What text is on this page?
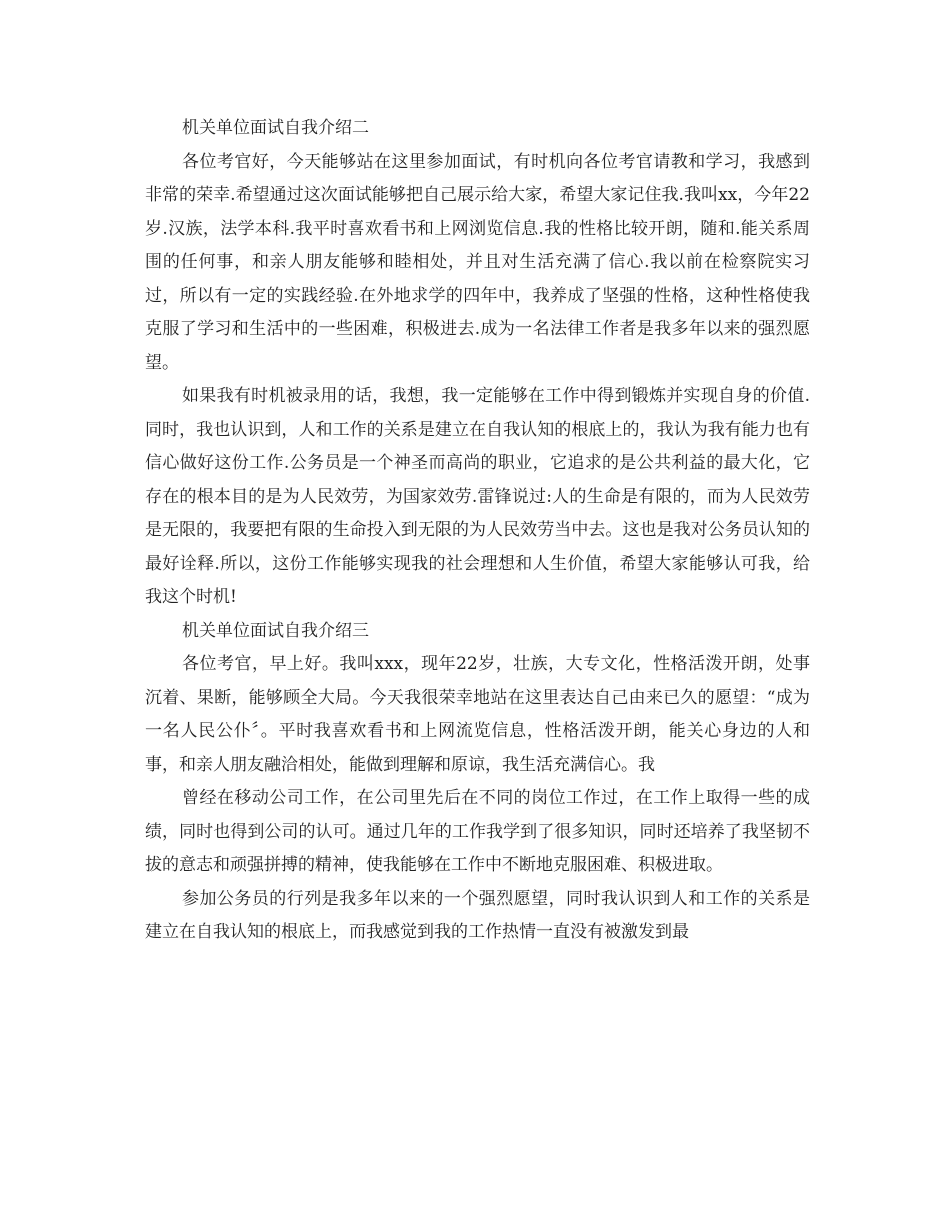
机关单位面试自我介绍二

各位考官好，今天能够站在这里参加面试，有时机向各位考官请教和学习，我感到非常的荣幸.希望通过这次面试能够把自己展示给大家，希望大家记住我.我叫xx，今年22岁.汉族，法学本科.我平时喜欢看书和上网浏览信息.我的性格比较开朗，随和.能关系周围的任何事，和亲人朋友能够和睦相处，并且对生活充满了信心.我以前在检察院实习过，所以有一定的实践经验.在外地求学的四年中，我养成了坚强的性格，这种性格使我克服了学习和生活中的一些困难，积极进去.成为一名法律工作者是我多年以来的强烈愿望。

如果我有时机被录用的话，我想，我一定能够在工作中得到锻炼并实现自身的价值.同时，我也认识到，人和工作的关系是建立在自我认知的根底上的，我认为我有能力也有信心做好这份工作.公务员是一个神圣而高尚的职业，它追求的是公共利益的最大化，它存在的根本目的是为人民效劳，为国家效劳.雷锋说过:人的生命是有限的，而为人民效劳是无限的，我要把有限的生命投入到无限的为人民效劳当中去。这也是我对公务员认知的最好诠释.所以，这份工作能够实现我的社会理想和人生价值，希望大家能够认可我，给我这个时机!

机关单位面试自我介绍三

各位考官，早上好。我叫xxx，现年22岁，壮族，大专文化，性格活泼开朗，处事沉着、果断，能够顾全大局。今天我很荣幸地站在这里表达自己由来已久的愿望：“成为一名人民公仆〞。平时我喜欢看书和上网流览信息，性格活泼开朗，能关心身边的人和事，和亲人朋友融洽相处，能做到理解和原谅，我生活充满信心。我

曾经在移动公司工作，在公司里先后在不同的岗位工作过，在工作上取得一些的成绩，同时也得到公司的认可。通过几年的工作我学到了很多知识，同时还培养了我坚韧不拔的意志和顽强拼搏的精神，使我能够在工作中不断地克服困难、积极进取。

参加公务员的行列是我多年以来的一个强烈愿望，同时我认识到人和工作的关系是建立在自我认知的根底上，而我感觉到我的工作热情一直没有被激发到最
